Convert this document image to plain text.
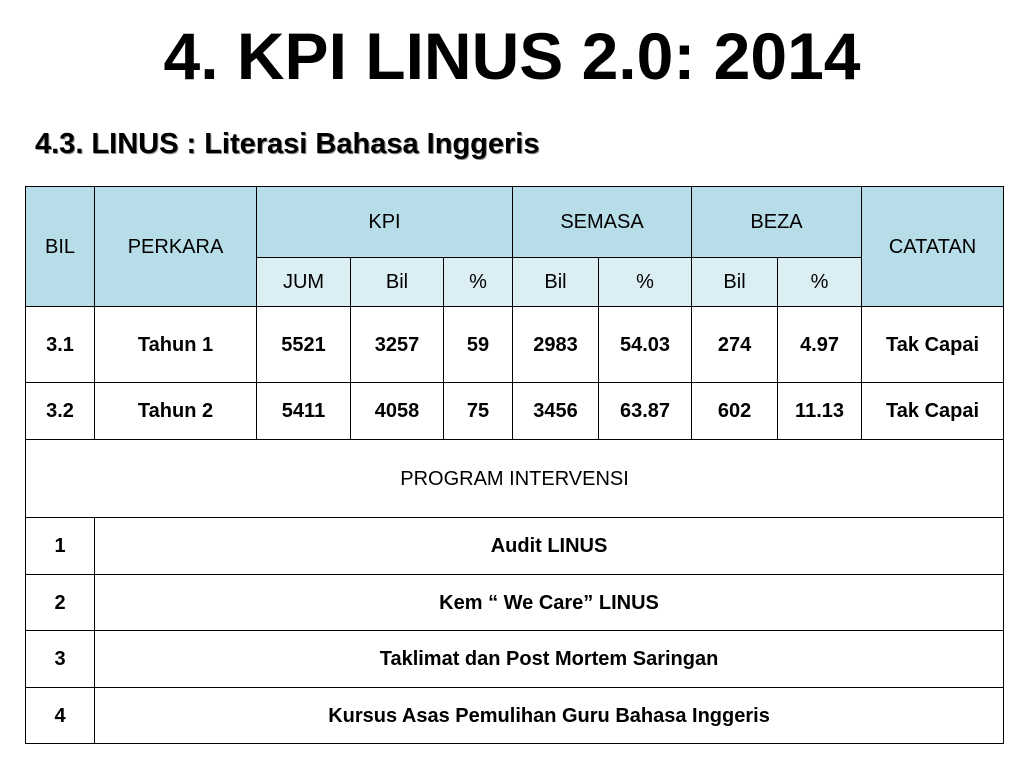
4. KPI LINUS 2.0: 2014
4.3. LINUS : Literasi Bahasa Inggeris
BIL	PERKARA	KPI			SEMASA		BEZA		CATATAN
		JUM	Bil	%	Bil	%	Bil	%	
3.1	Tahun 1	5521	3257	59	2983	54.03	274	4.97	Tak Capai
3.2	Tahun 2	5411	4058	75	3456	63.87	602	11.13	Tak Capai
PROGRAM INTERVENSI									
1	Audit LINUS								
2	Kem “ We Care” LINUS								
3	Taklimat dan Post Mortem Saringan								
4	Kursus Asas Pemulihan Guru Bahasa Inggeris								
